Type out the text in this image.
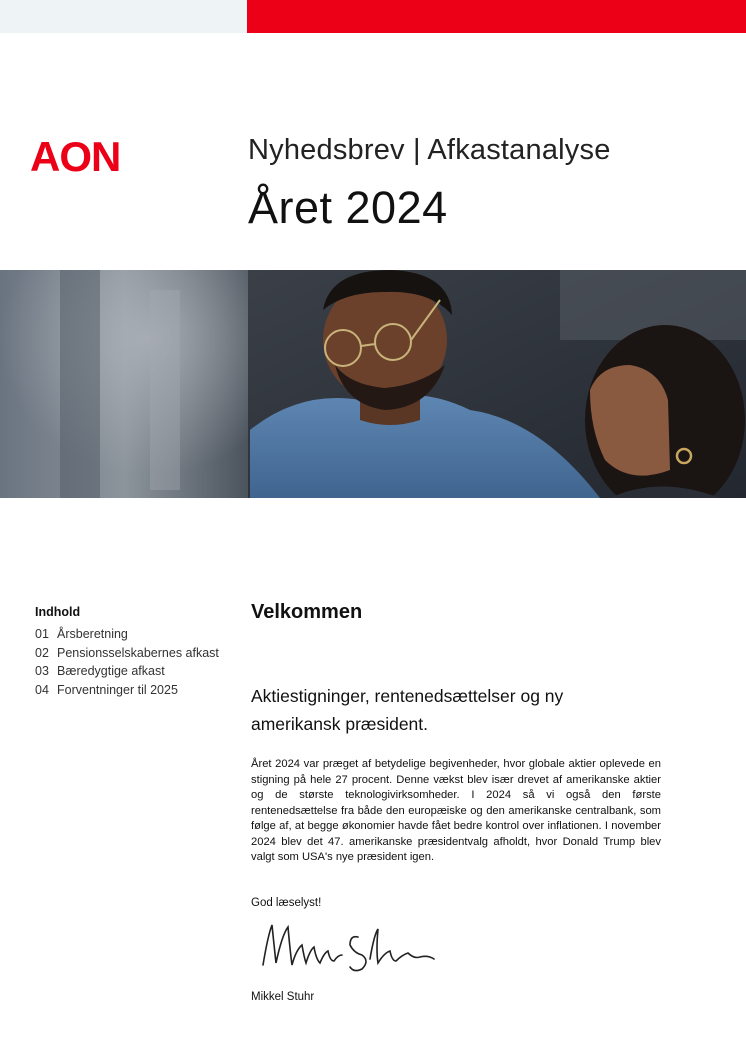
AON	Nyhedsbrev | Afkastanalyse
Året 2024
Indhold
01 Årsberetning
02 Pensionsselskabernes afkast
03 Bæredygtige afkast
04 Forventninger til 2025
Velkommen
Aktiestigninger, rentenedsættelser og ny amerikansk præsident.
Året 2024 var præget af betydelige begivenheder, hvor globale aktier oplevede en stigning på hele 27 procent. Denne vækst blev især drevet af amerikanske aktier og de største teknologivirksomheder. I 2024 så vi også den første rentenedsættelse fra både den europæiske og den amerikanske centralbank, som følge af, at begge økonomier havde fået bedre kontrol over inflationen. I november 2024 blev det 47. amerikanske præsidentvalg afholdt, hvor Donald Trump blev valgt som USA's nye præsident igen.
God læselyst!
Mikkel Stuhr
